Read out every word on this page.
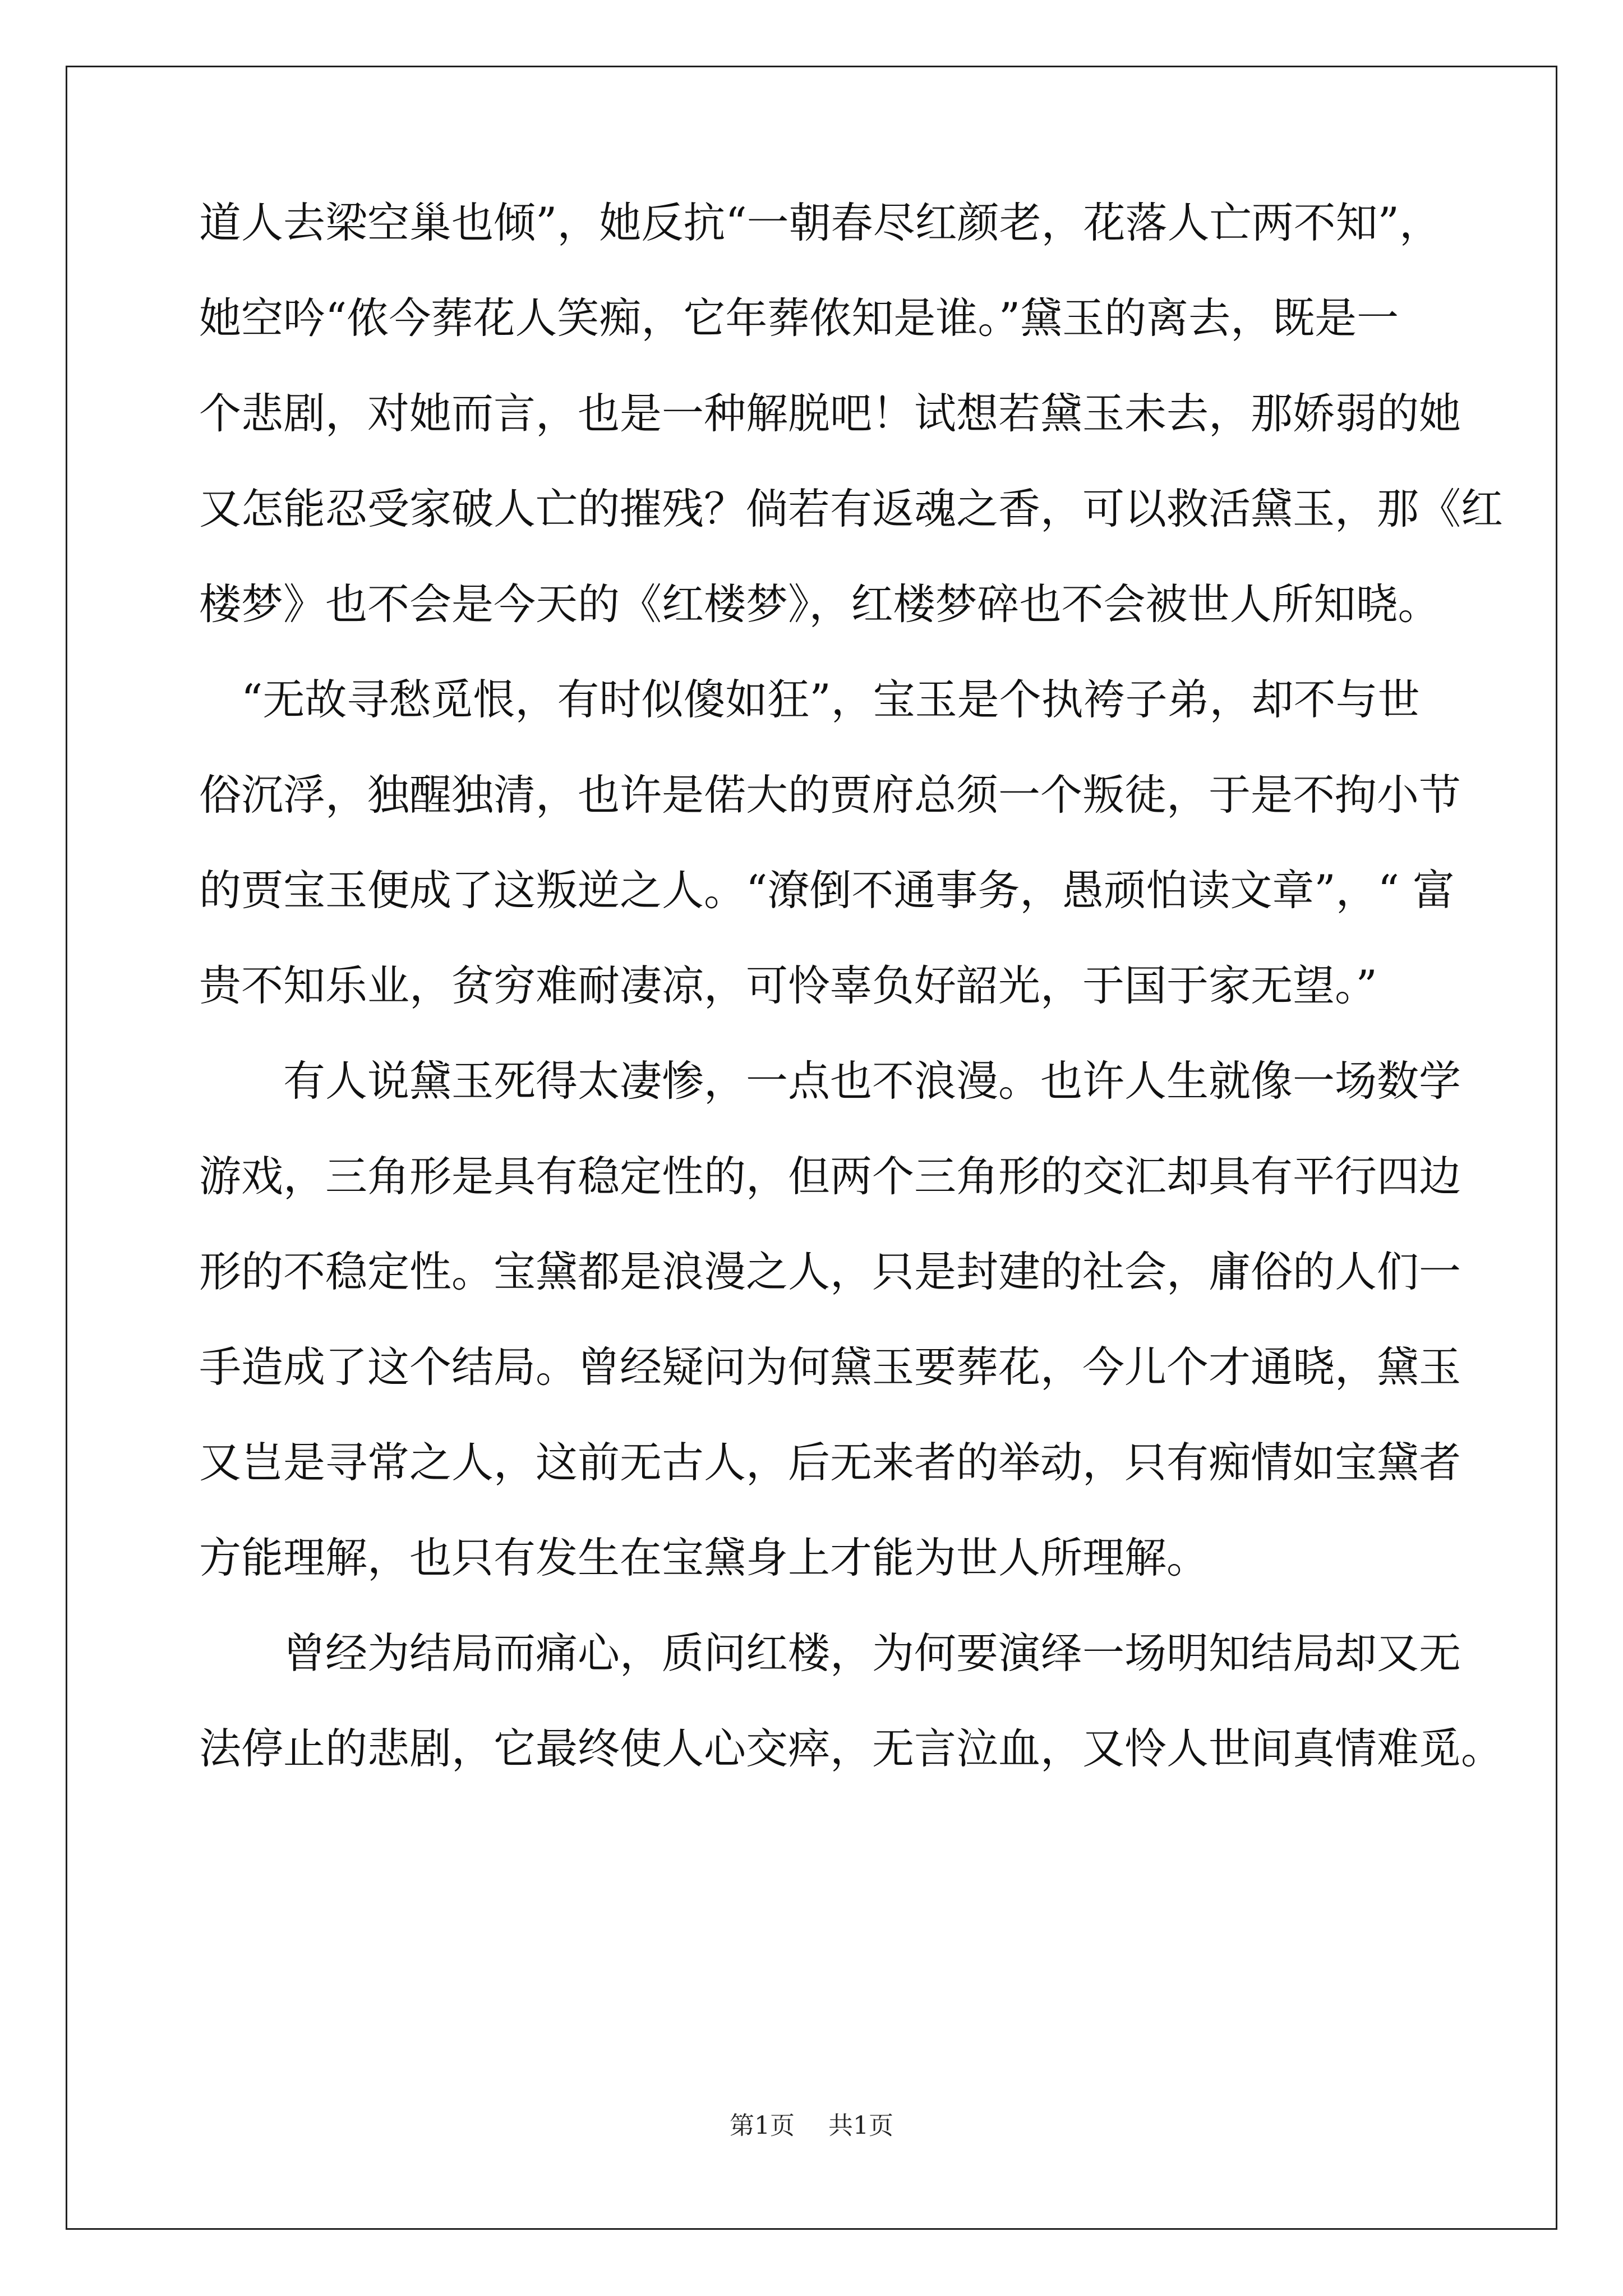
道人去梁空巢也倾”，她反抗“一朝春尽红颜老，花落人亡两不知”，
她空吟“侬今葬花人笑痴，它年葬侬知是谁。”黛玉的离去，既是一
个悲剧，对她而言，也是一种解脱吧！试想若黛玉未去，那娇弱的她
又怎能忍受家破人亡的摧残？倘若有返魂之香，可以救活黛玉，那《红
楼梦》也不会是今天的《红楼梦》，红楼梦碎也不会被世人所知晓。
　“无故寻愁觅恨，有时似傻如狂”，宝玉是个执袴子弟，却不与世
俗沉浮，独醒独清，也许是偌大的贾府总须一个叛徒，于是不拘小节
的贾宝玉便成了这叛逆之人。“潦倒不通事务，愚顽怕读文章”，“ 富
贵不知乐业，贫穷难耐凄凉，可怜辜负好韶光，于国于家无望。”
　　有人说黛玉死得太凄惨，一点也不浪漫。也许人生就像一场数学
游戏，三角形是具有稳定性的，但两个三角形的交汇却具有平行四边
形的不稳定性。宝黛都是浪漫之人，只是封建的社会，庸俗的人们一
手造成了这个结局。曾经疑问为何黛玉要葬花，今儿个才通晓，黛玉
又岂是寻常之人，这前无古人，后无来者的举动，只有痴情如宝黛者
方能理解，也只有发生在宝黛身上才能为世人所理解。
　　曾经为结局而痛心，质问红楼，为何要演绎一场明知结局却又无
法停止的悲剧，它最终使人心交瘁，无言泣血，又怜人世间真情难觅。
第1页 共1页
